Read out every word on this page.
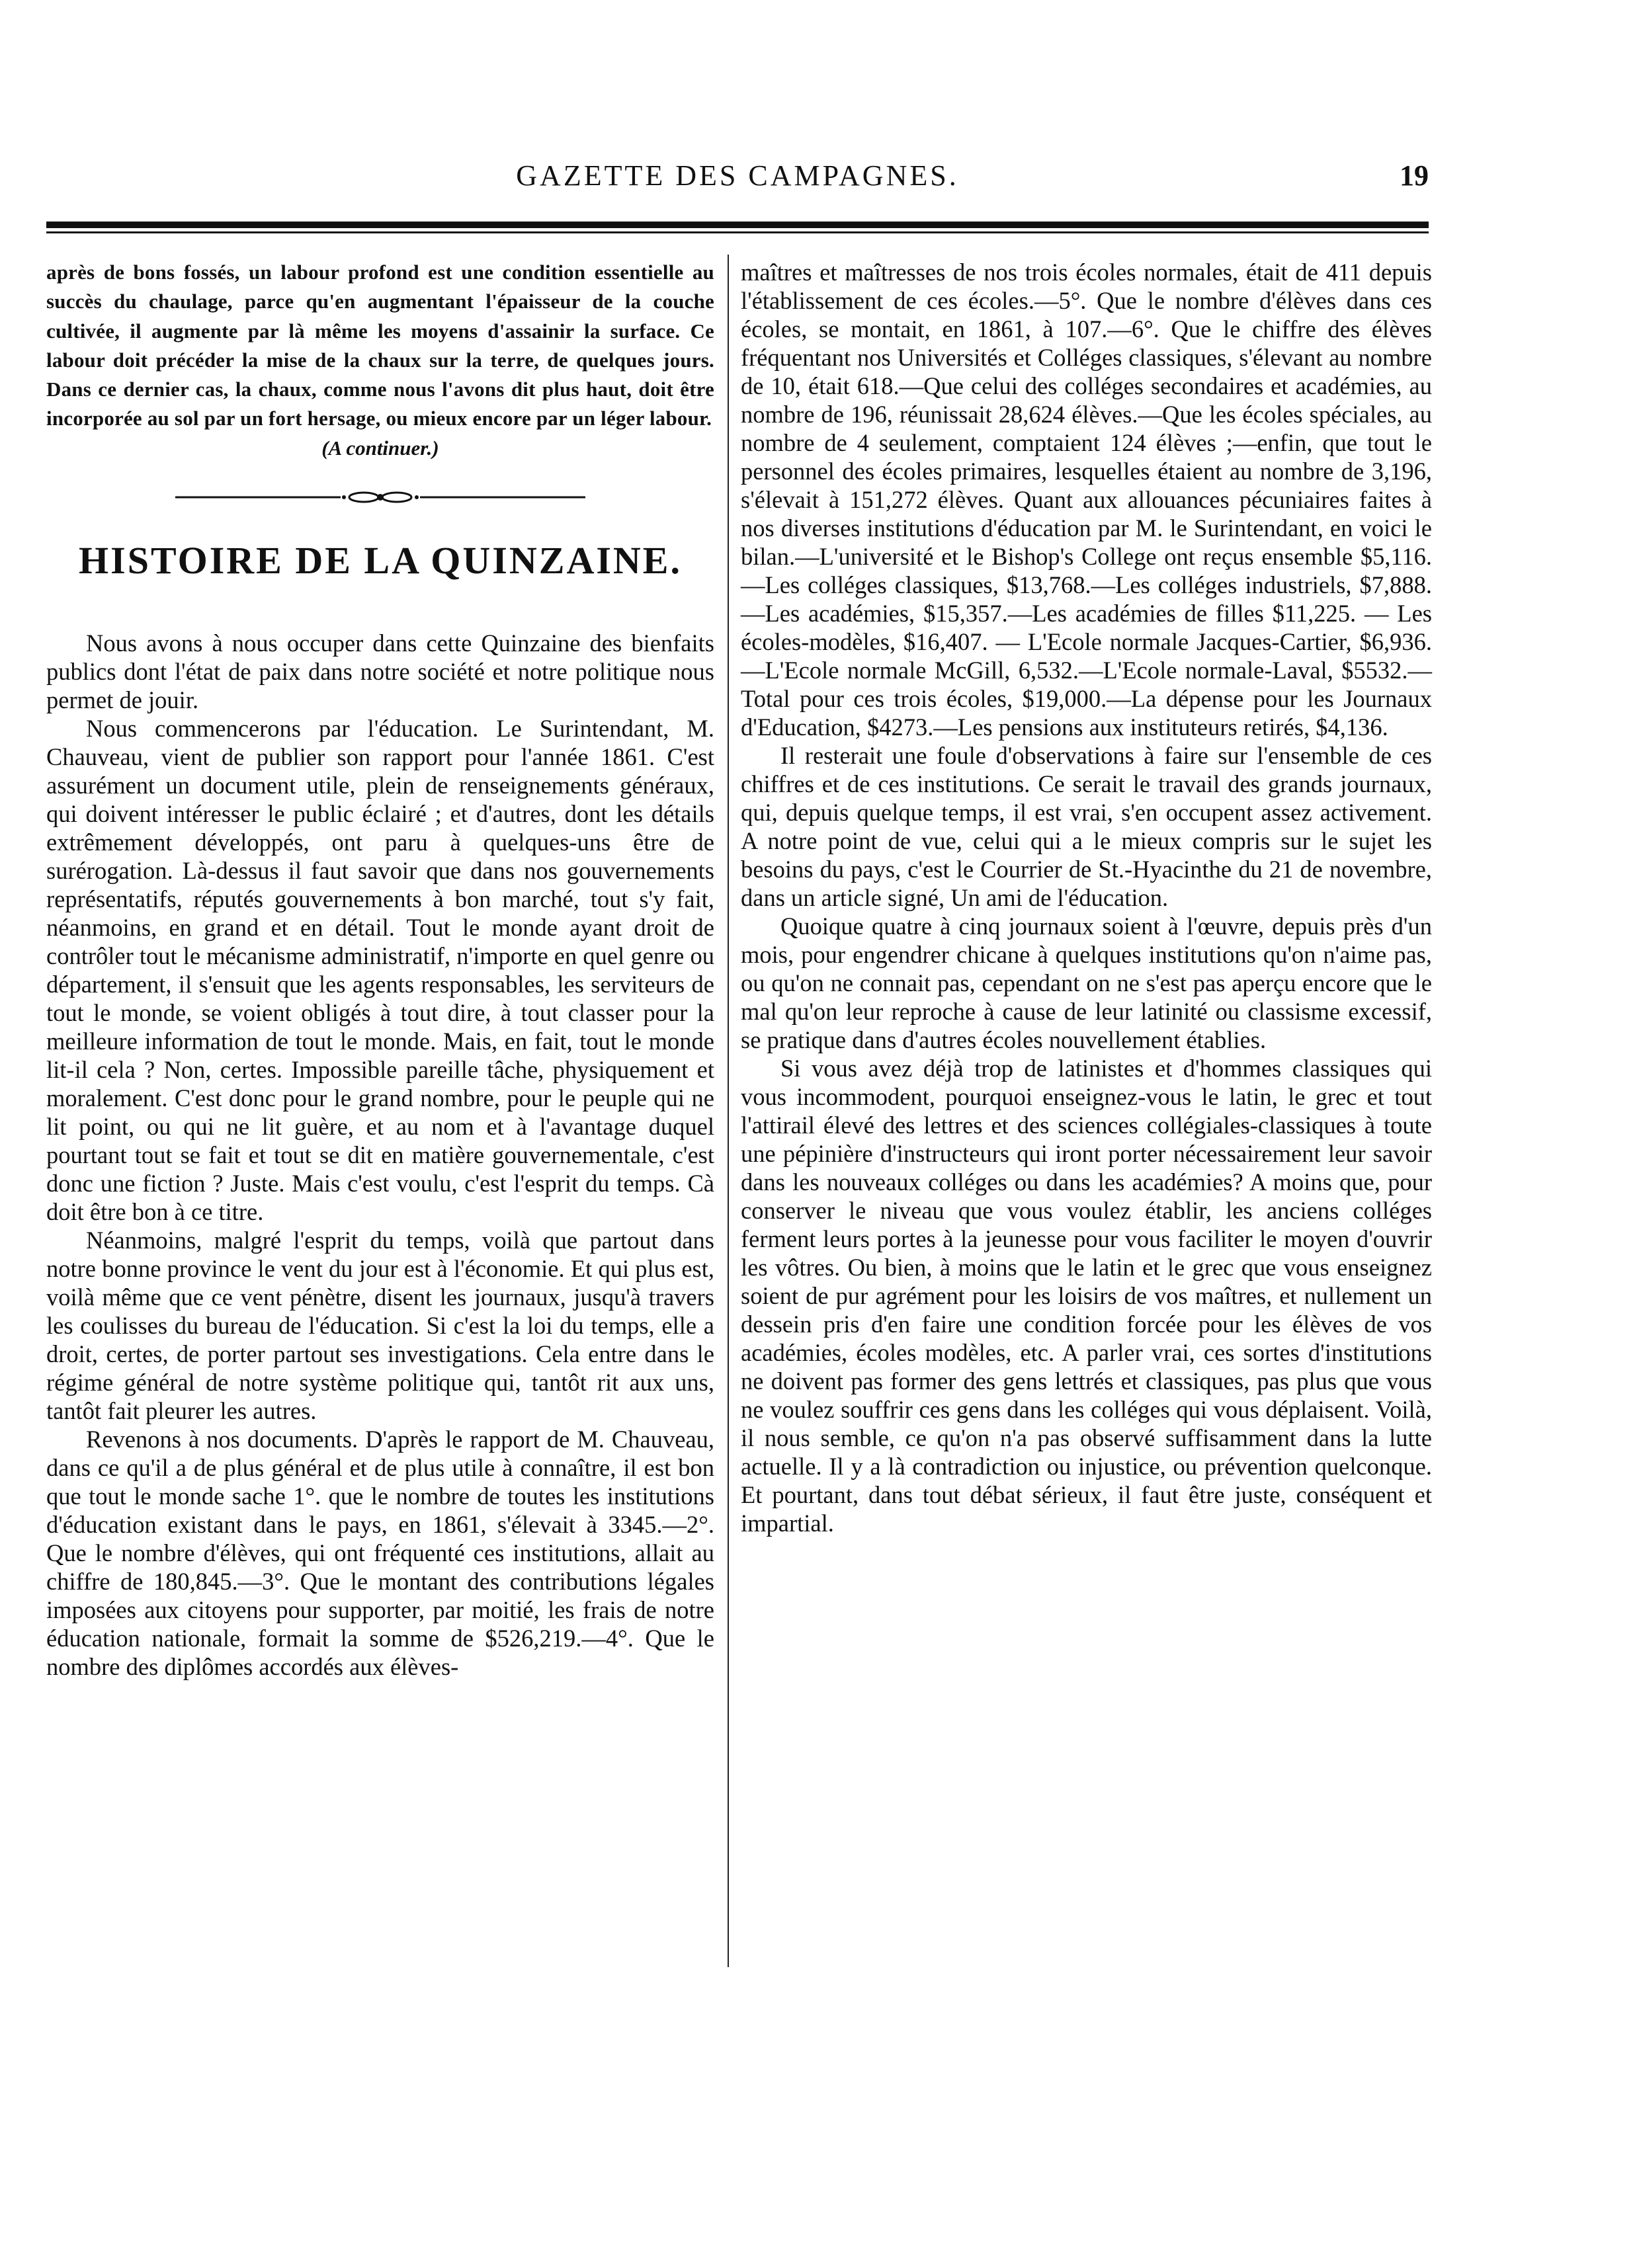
GAZETTE DES CAMPAGNES.	19

après de bons fossés, un labour profond est une condition essentielle au succès du chaulage, parce qu'en augmentant l'épaisseur de la couche cultivée, il augmente par là même les moyens d'assainir la surface. Ce labour doit précéder la mise de la chaux sur la terre, de quelques jours. Dans ce dernier cas, la chaux, comme nous l'avons dit plus haut, doit être incorporée au sol par un fort hersage, ou mieux encore par un léger labour.

(A continuer.)

HISTOIRE DE LA QUINZAINE.

Nous avons à nous occuper dans cette Quinzaine des bienfaits publics dont l'état de paix dans notre société et notre politique nous permet de jouir.

Nous commencerons par l'éducation. Le Surintendant, M. Chauveau, vient de publier son rapport pour l'année 1861. C'est assurément un document utile, plein de renseignements généraux, qui doivent intéresser le public éclairé ; et d'autres, dont les détails extrêmement développés, ont paru à quelques-uns être de surérogation. Là-dessus il faut savoir que dans nos gouvernements représentatifs, réputés gouvernements à bon marché, tout s'y fait, néanmoins, en grand et en détail. Tout le monde ayant droit de contrôler tout le mécanisme administratif, n'importe en quel genre ou département, il s'ensuit que les agents responsables, les serviteurs de tout le monde, se voient obligés à tout dire, à tout classer pour la meilleure information de tout le monde. Mais, en fait, tout le monde lit-il cela ? Non, certes. Impossible pareille tâche, physiquement et moralement. C'est donc pour le grand nombre, pour le peuple qui ne lit point, ou qui ne lit guère, et au nom et à l'avantage duquel pourtant tout se fait et tout se dit en matière gouvernementale, c'est donc une fiction ? Juste. Mais c'est voulu, c'est l'esprit du temps. Cà doit être bon à ce titre.

Néanmoins, malgré l'esprit du temps, voilà que partout dans notre bonne province le vent du jour est à l'économie. Et qui plus est, voilà même que ce vent pénètre, disent les journaux, jusqu'à travers les coulisses du bureau de l'éducation. Si c'est la loi du temps, elle a droit, certes, de porter partout ses investigations. Cela entre dans le régime général de notre système politique qui, tantôt rit aux uns, tantôt fait pleurer les autres.

Revenons à nos documents. D'après le rapport de M. Chauveau, dans ce qu'il a de plus général et de plus utile à connaître, il est bon que tout le monde sache 1°. que le nombre de toutes les institutions d'éducation existant dans le pays, en 1861, s'élevait à 3345.—2°. Que le nombre d'élèves, qui ont fréquenté ces institutions, allait au chiffre de 180,845.—3°. Que le montant des contributions légales imposées aux citoyens pour supporter, par moitié, les frais de notre éducation nationale, formait la somme de $526,219.—4°. Que le nombre des diplômes accordés aux élèves-

maîtres et maîtresses de nos trois écoles normales, était de 411 depuis l'établissement de ces écoles.—5°. Que le nombre d'élèves dans ces écoles, se montait, en 1861, à 107.—6°. Que le chiffre des élèves fréquentant nos Universités et Colléges classiques, s'élevant au nombre de 10, était 618.—Que celui des colléges secondaires et académies, au nombre de 196, réunissait 28,624 élèves.—Que les écoles spéciales, au nombre de 4 seulement, comptaient 124 élèves ;—enfin, que tout le personnel des écoles primaires, lesquelles étaient au nombre de 3,196, s'élevait à 151,272 élèves. Quant aux allouances pécuniaires faites à nos diverses institutions d'éducation par M. le Surintendant, en voici le bilan.—L'université et le Bishop's College ont reçus ensemble $5,116.—Les colléges classiques, $13,768.—Les colléges industriels, $7,888.—Les académies, $15,357.—Les académies de filles $11,225. — Les écoles-modèles, $16,407. — L'Ecole normale Jacques-Cartier, $6,936.—L'Ecole normale McGill, 6,532.—L'Ecole normale-Laval, $5532.—Total pour ces trois écoles, $19,000.—La dépense pour les Journaux d'Education, $4273.—Les pensions aux instituteurs retirés, $4,136.

Il resterait une foule d'observations à faire sur l'ensemble de ces chiffres et de ces institutions. Ce serait le travail des grands journaux, qui, depuis quelque temps, il est vrai, s'en occupent assez activement. A notre point de vue, celui qui a le mieux compris sur le sujet les besoins du pays, c'est le Courrier de St.-Hyacinthe du 21 de novembre, dans un article signé, Un ami de l'éducation.

Quoique quatre à cinq journaux soient à l'œuvre, depuis près d'un mois, pour engendrer chicane à quelques institutions qu'on n'aime pas, ou qu'on ne connait pas, cependant on ne s'est pas aperçu encore que le mal qu'on leur reproche à cause de leur latinité ou classisme excessif, se pratique dans d'autres écoles nouvellement établies.

Si vous avez déjà trop de latinistes et d'hommes classiques qui vous incommodent, pourquoi enseignez-vous le latin, le grec et tout l'attirail élevé des lettres et des sciences collégiales-classiques à toute une pépinière d'instructeurs qui iront porter nécessairement leur savoir dans les nouveaux colléges ou dans les académies? A moins que, pour conserver le niveau que vous voulez établir, les anciens colléges ferment leurs portes à la jeunesse pour vous faciliter le moyen d'ouvrir les vôtres. Ou bien, à moins que le latin et le grec que vous enseignez soient de pur agrément pour les loisirs de vos maîtres, et nullement un dessein pris d'en faire une condition forcée pour les élèves de vos académies, écoles modèles, etc. A parler vrai, ces sortes d'institutions ne doivent pas former des gens lettrés et classiques, pas plus que vous ne voulez souffrir ces gens dans les colléges qui vous déplaisent. Voilà, il nous semble, ce qu'on n'a pas observé suffisamment dans la lutte actuelle. Il y a là contradiction ou injustice, ou prévention quelconque. Et pourtant, dans tout débat sérieux, il faut être juste, conséquent et impartial.
